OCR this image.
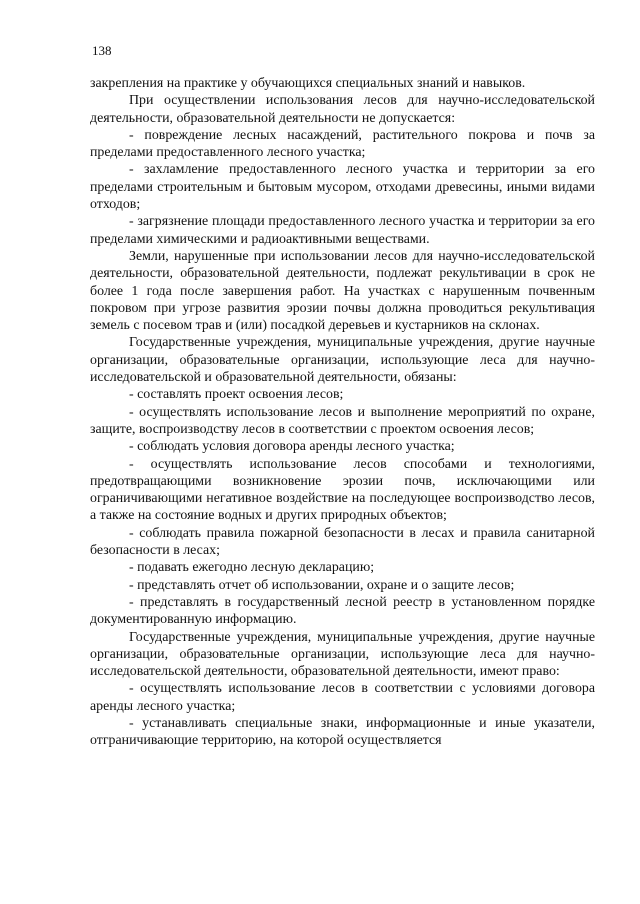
138

закрепления на практике у обучающихся специальных знаний и навыков.

При осуществлении использования лесов для научно-исследовательской деятельности, образовательной деятельности не допускается:

- повреждение лесных насаждений, растительного покрова и почв за пределами предоставленного лесного участка;

- захламление предоставленного лесного участка и территории за его пределами строительным и бытовым мусором, отходами древесины, иными видами отходов;

- загрязнение площади предоставленного лесного участка и территории за его пределами химическими и радиоактивными веществами.

Земли, нарушенные при использовании лесов для научно-исследовательской деятельности, образовательной деятельности, подлежат рекультивации в срок не более 1 года после завершения работ. На участках с нарушенным почвенным покровом при угрозе развития эрозии почвы должна проводиться рекультивация земель с посевом трав и (или) посадкой деревьев и кустарников на склонах.

Государственные учреждения, муниципальные учреждения, другие научные организации, образовательные организации, использующие леса для научно-исследовательской и образовательной деятельности, обязаны:

- составлять проект освоения лесов;

- осуществлять использование лесов и выполнение мероприятий по охране, защите, воспроизводству лесов в соответствии с проектом освоения лесов;

- соблюдать условия договора аренды лесного участка;

- осуществлять использование лесов способами и технологиями, предотвращающими возникновение эрозии почв, исключающими или ограничивающими негативное воздействие на последующее воспроизводство лесов, а также на состояние водных и других природных объектов;

- соблюдать правила пожарной безопасности в лесах и правила санитарной безопасности в лесах;

- подавать ежегодно лесную декларацию;

- представлять отчет об использовании, охране и о защите лесов;

- представлять в государственный лесной реестр в установленном порядке документированную информацию.

Государственные учреждения, муниципальные учреждения, другие научные организации, образовательные организации, использующие леса для научно-исследовательской деятельности, образовательной деятельности, имеют право:

- осуществлять использование лесов в соответствии с условиями договора аренды лесного участка;

- устанавливать специальные знаки, информационные и иные указатели, отграничивающие территорию, на которой осуществляется
